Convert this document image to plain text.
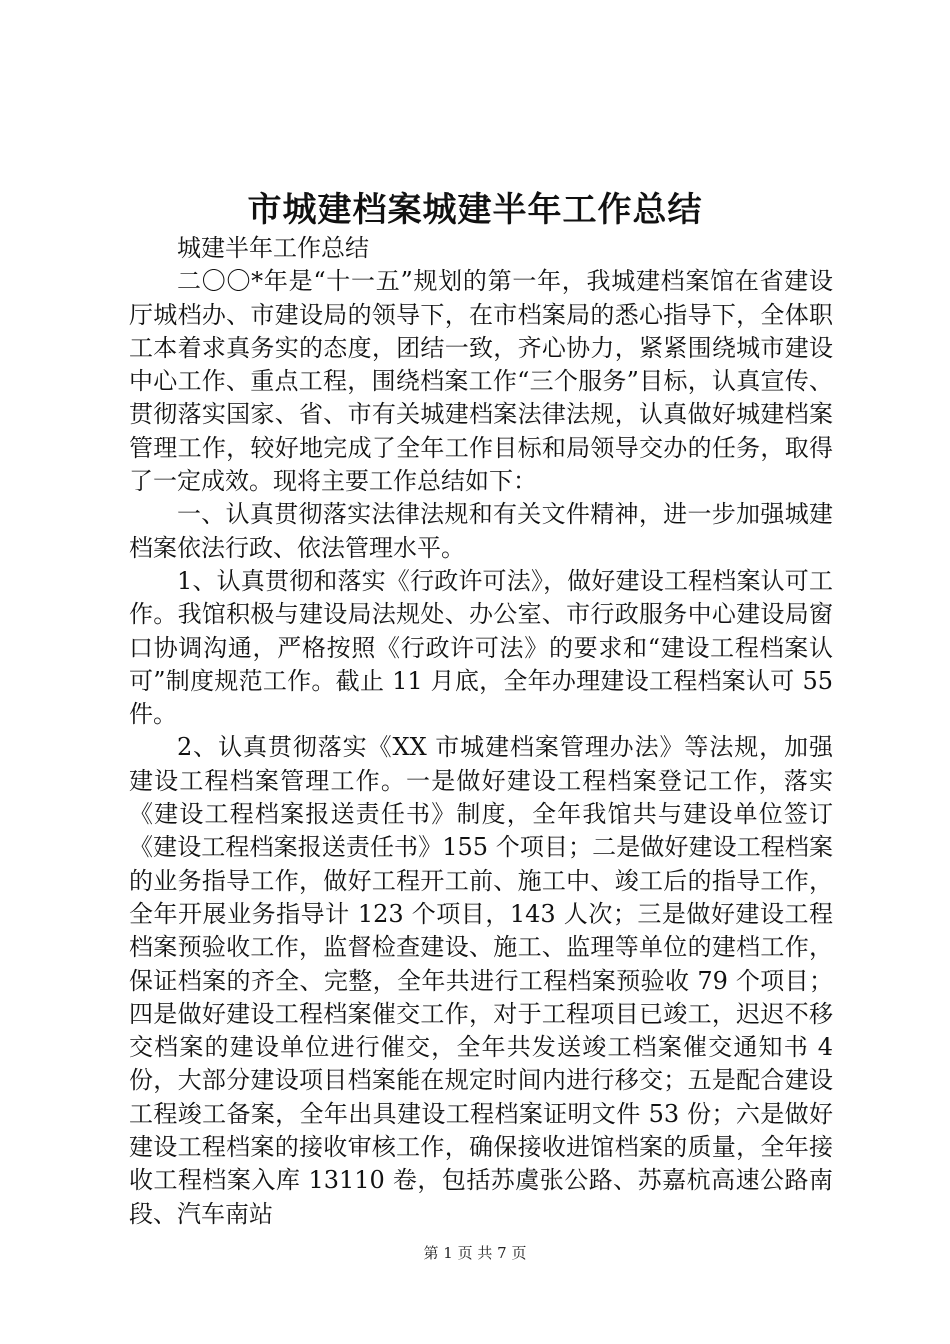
市城建档案城建半年工作总结

城建半年工作总结

二〇〇*年是“十一五”规划的第一年，我城建档案馆在省建设厅城档办、市建设局的领导下，在市档案局的悉心指导下，全体职工本着求真务实的态度，团结一致，齐心协力，紧紧围绕城市建设中心工作、重点工程，围绕档案工作“三个服务”目标，认真宣传、贯彻落实国家、省、市有关城建档案法律法规，认真做好城建档案管理工作，较好地完成了全年工作目标和局领导交办的任务，取得了一定成效。现将主要工作总结如下：

一、认真贯彻落实法律法规和有关文件精神，进一步加强城建档案依法行政、依法管理水平。

1、认真贯彻和落实《行政许可法》，做好建设工程档案认可工作。我馆积极与建设局法规处、办公室、市行政服务中心建设局窗口协调沟通，严格按照《行政许可法》的要求和“建设工程档案认可”制度规范工作。截止 11 月底，全年办理建设工程档案认可 55 件。

2、认真贯彻落实《XX 市城建档案管理办法》等法规，加强建设工程档案管理工作。一是做好建设工程档案登记工作，落实《建设工程档案报送责任书》制度，全年我馆共与建设单位签订《建设工程档案报送责任书》155 个项目；二是做好建设工程档案的业务指导工作，做好工程开工前、施工中、竣工后的指导工作，全年开展业务指导计 123 个项目，143 人次；三是做好建设工程档案预验收工作，监督检查建设、施工、监理等单位的建档工作，保证档案的齐全、完整，全年共进行工程档案预验收 79 个项目；四是做好建设工程档案催交工作，对于工程项目已竣工，迟迟不移交档案的建设单位进行催交，全年共发送竣工档案催交通知书 4 份，大部分建设项目档案能在规定时间内进行移交；五是配合建设工程竣工备案，全年出具建设工程档案证明文件 53 份；六是做好建设工程档案的接收审核工作，确保接收进馆档案的质量，全年接收工程档案入库 13110 卷，包括苏虞张公路、苏嘉杭高速公路南段、汽车南站

第 1 页 共 7 页
